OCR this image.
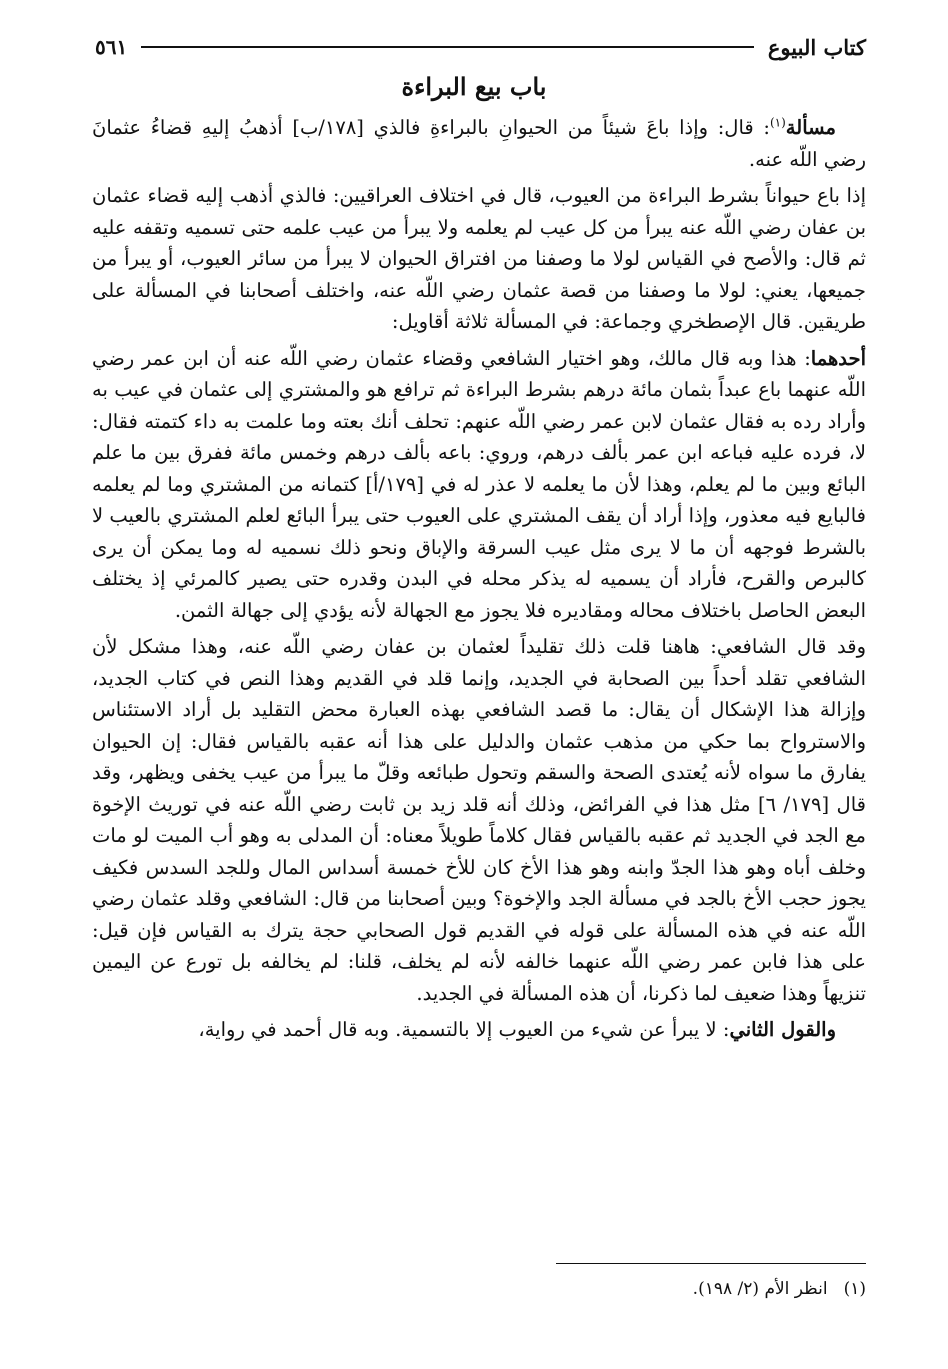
كتاب البيوع
٥٦١
باب بيع البراءة

مسألة$^{(١)}$: قال: وإذا باعَ شيئاً من الحيوانِ بالبراءةِ فالذي [١٧٨/ب] أذهبُ إليهِ قضاءُ عثمانَ رضي اللّه عنه.

إذا باع حيواناً بشرط البراءة من العيوب، قال في اختلاف العراقيين: فالذي أذهب إليه قضاء عثمان بن عفان رضي اللّه عنه يبرأ من كل عيب لم يعلمه ولا يبرأ من عيب علمه حتى تسميه وتقفه عليه ثم قال: والأصح في القياس لولا ما وصفنا من افتراق الحيوان لا يبرأ من سائر العيوب، أو يبرأ من جميعها، يعني: لولا ما وصفنا من قصة عثمان رضي اللّه عنه، واختلف أصحابنا في المسألة على طريقين. قال الإصطخري وجماعة: في المسألة ثلاثة أقاويل:

أحدهما: هذا وبه قال مالك، وهو اختيار الشافعي وقضاء عثمان رضي اللّه عنه أن ابن عمر رضي اللّه عنهما باع عبداً بثمان مائة درهم بشرط البراءة ثم ترافع هو والمشتري إلى عثمان في عيب به وأراد رده به فقال عثمان لابن عمر رضي اللّه عنهم: تحلف أنك بعته وما علمت به داء كتمته فقال: لا، فرده عليه فباعه ابن عمر بألف درهم، وروي: باعه بألف درهم وخمس مائة ففرق بين ما علم البائع وبين ما لم يعلم، وهذا لأن ما يعلمه لا عذر له في [١٧٩/أ] كتمانه من المشتري وما لم يعلمه فالبايع فيه معذور، وإذا أراد أن يقف المشتري على العيوب حتى يبرأ البائع لعلم المشتري بالعيب لا بالشرط فوجهه أن ما لا يرى مثل عيب السرقة والإباق ونحو ذلك نسميه له وما يمكن أن يرى كالبرص والقرح، فأراد أن يسميه له يذكر محله في البدن وقدره حتى يصير كالمرئي إذ يختلف البعض الحاصل باختلاف محاله ومقاديره فلا يجوز مع الجهالة لأنه يؤدي إلى جهالة الثمن.

وقد قال الشافعي: هاهنا قلت ذلك تقليداً لعثمان بن عفان رضي اللّه عنه، وهذا مشكل لأن الشافعي تقلد أحداً بين الصحابة في الجديد، وإنما قلد في القديم وهذا النص في كتاب الجديد، وإزالة هذا الإشكال أن يقال: ما قصد الشافعي بهذه العبارة محض التقليد بل أراد الاستئناس والاسترواح بما حكي من مذهب عثمان والدليل على هذا أنه عقبه بالقياس فقال: إن الحيوان يفارق ما سواه لأنه يُعتدى الصحة والسقم وتحول طبائعه وقلّ ما يبرأ من عيب يخفى ويظهر، وقد قال [١٧٩/ ٦] مثل هذا في الفرائض، وذلك أنه قلد زيد بن ثابت رضي اللّه عنه في توريث الإخوة مع الجد في الجديد ثم عقبه بالقياس فقال كلاماً طويلاً معناه: أن المدلى به وهو أب الميت لو مات وخلف أباه وهو هذا الجدّ وابنه وهو هذا الأخ كان للأخ خمسة أسداس المال وللجد السدس فكيف يجوز حجب الأخ بالجد في مسألة الجد والإخوة؟ وبين أصحابنا من قال: الشافعي وقلد عثمان رضي اللّه عنه في هذه المسألة على قوله في القديم قول الصحابي حجة يترك به القياس فإن قيل: على هذا فابن عمر رضي اللّه عنهما خالفه لأنه لم يخلف، قلنا: لم يخالفه بل تورع عن اليمين تنزيهاً وهذا ضعيف لما ذكرنا، أن هذه المسألة في الجديد.

والقول الثاني: لا يبرأ عن شيء من العيوب إلا بالتسمية. وبه قال أحمد في رواية،

(١)انظر الأم (٢/ ١٩٨).
